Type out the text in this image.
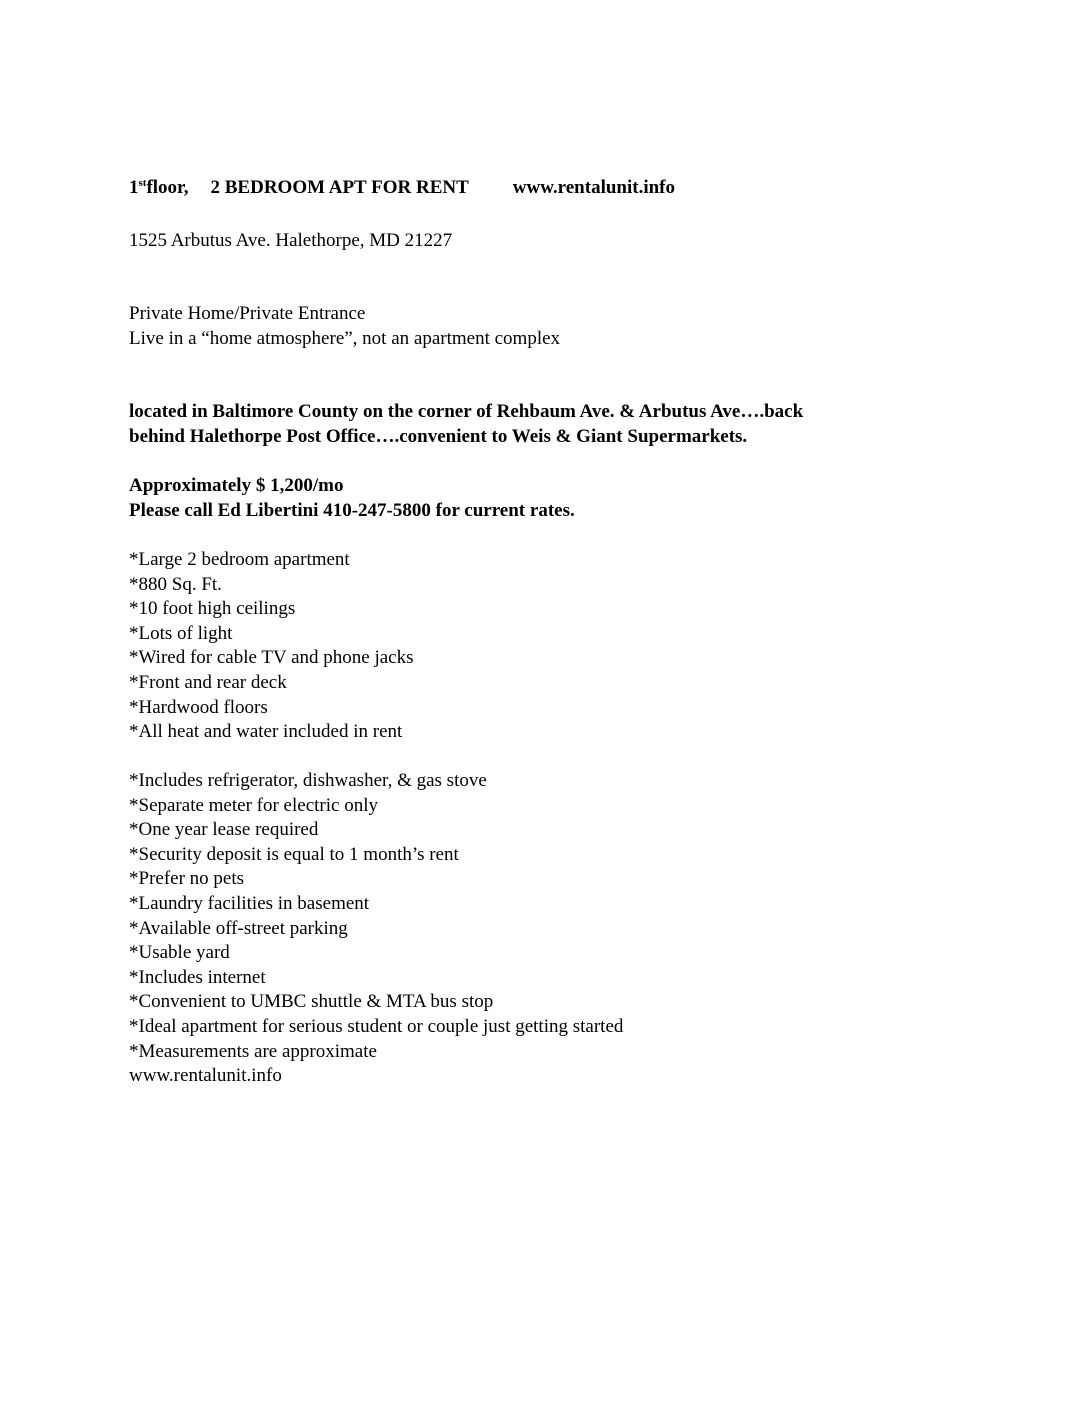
1stfloor, 2 BEDROOM APT FOR RENT www.rentalunit.info
1525 Arbutus Ave. Halethorpe, MD 21227
Private Home/Private Entrance
Live in a “home atmosphere”, not an apartment complex
located in Baltimore County on the corner of Rehbaum Ave. & Arbutus Ave….back
behind Halethorpe Post Office….convenient to Weis & Giant Supermarkets.
Approximately $ 1,200/mo
Please call Ed Libertini 410-247-5800 for current rates.
*Large 2 bedroom apartment
*880 Sq. Ft.
*10 foot high ceilings
*Lots of light
*Wired for cable TV and phone jacks
*Front and rear deck
*Hardwood floors
*All heat and water included in rent
*Includes refrigerator, dishwasher, & gas stove
*Separate meter for electric only
*One year lease required
*Security deposit is equal to 1 month’s rent
*Prefer no pets
*Laundry facilities in basement
*Available off-street parking
*Usable yard
*Includes internet
*Convenient to UMBC shuttle & MTA bus stop
*Ideal apartment for serious student or couple just getting started
*Measurements are approximate
www.rentalunit.info
